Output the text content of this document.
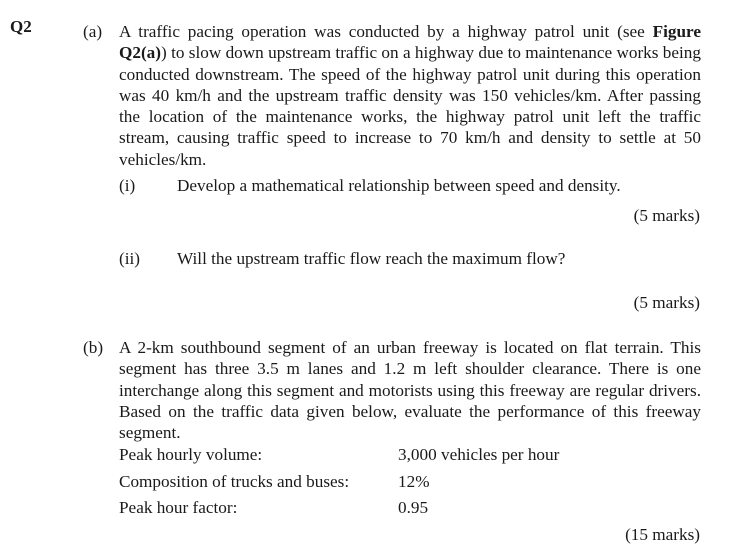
Q2	(a) A traffic pacing operation was conducted by a highway patrol unit (see Figure Q2(a)) to slow down upstream traffic on a highway due to maintenance works being conducted downstream. The speed of the highway patrol unit during this operation was 40 km/h and the upstream traffic density was 150 vehicles/km. After passing the location of the maintenance works, the highway patrol unit left the traffic stream, causing traffic speed to increase to 70 km/h and density to settle at 50 vehicles/km.
(i) Develop a mathematical relationship between speed and density.
(5 marks)
(ii) Will the upstream traffic flow reach the maximum flow?
(5 marks)
(b) A 2-km southbound segment of an urban freeway is located on flat terrain. This segment has three 3.5 m lanes and 1.2 m left shoulder clearance. There is one interchange along this segment and motorists using this freeway are regular drivers. Based on the traffic data given below, evaluate the performance of this freeway segment.
Peak hourly volume:	3,000 vehicles per hour
Composition of trucks and buses:	12%
Peak hour factor:	0.95
(15 marks)
